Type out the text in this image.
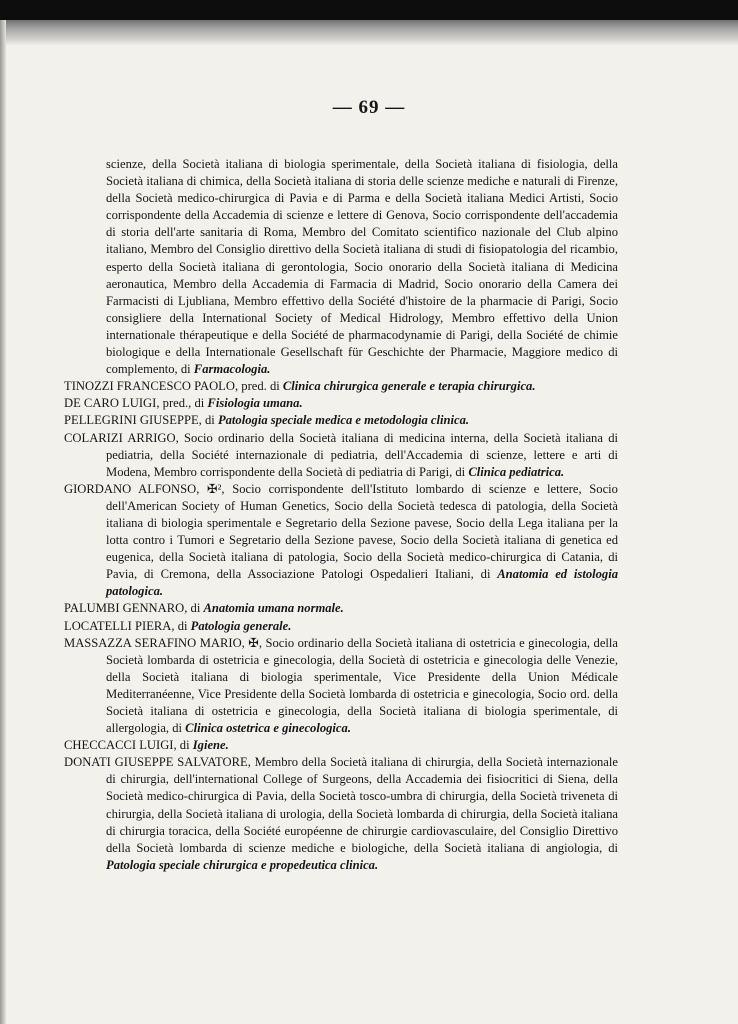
— 69 —

scienze, della Società italiana di biologia sperimentale, della Società italiana di fisiologia, della Società italiana di chimica, della Società italiana di storia delle scienze mediche e naturali di Firenze, della Società medico-chirurgica di Pavia e di Parma e della Società italiana Medici Artisti, Socio corrispondente della Accademia di scienze e lettere di Genova, Socio corrispondente dell'accademia di storia dell'arte sanitaria di Roma, Membro del Comitato scientifico nazionale del Club alpino italiano, Membro del Consiglio direttivo della Società italiana di studi di fisiopatologia del ricambio, esperto della Società italiana di gerontologia, Socio onorario della Società italiana di Medicina aeronautica, Membro della Accademia di Farmacia di Madrid, Socio onorario della Camera dei Farmacisti di Ljubliana, Membro effettivo della Société d'histoire de la pharmacie di Parigi, Socio consigliere della International Society of Medical Hidrology, Membro effettivo della Union internationale thérapeutique e della Société de pharmacodynamie di Parigi, della Société de chimie biologique e della Internationale Gesellschaft für Geschichte der Pharmacie, Maggiore medico di complemento, di Farmacologia.

TINOZZI FRANCESCO PAOLO, pred. di Clinica chirurgica generale e terapia chirurgica.

DE CARO LUIGI, pred., di Fisiologia umana.

PELLEGRINI GIUSEPPE, di Patologia speciale medica e metodologia clinica.

COLARIZI ARRIGO, Socio ordinario della Società italiana di medicina interna, della Società italiana di pediatria, della Société internazionale di pediatria, dell'Accademia di scienze, lettere e arti di Modena, Membro corrispondente della Società di pediatria di Parigi, di Clinica pediatrica.

GIORDANO ALFONSO, ✠², Socio corrispondente dell'Istituto lombardo di scienze e lettere, Socio dell'American Society of Human Genetics, Socio della Società tedesca di patologia, della Società italiana di biologia sperimentale e Segretario della Sezione pavese, Socio della Lega italiana per la lotta contro i Tumori e Segretario della Sezione pavese, Socio della Società italiana di genetica ed eugenica, della Società italiana di patologia, Socio della Società medico-chirurgica di Catania, di Pavia, di Cremona, della Associazione Patologi Ospedalieri Italiani, di Anatomia ed istologia patologica.

PALUMBI GENNARO, di Anatomia umana normale.

LOCATELLI PIERA, di Patologia generale.

MASSAZZA SERAFINO MARIO, ✠, Socio ordinario della Società italiana di ostetricia e ginecologia, della Società lombarda di ostetricia e ginecologia, della Società di ostetricia e ginecologia delle Venezie, della Società italiana di biologia sperimentale, Vice Presidente della Union Médicale Mediterranéenne, Vice Presidente della Società lombarda di ostetricia e ginecologia, Socio ord. della Società italiana di ostetricia e ginecologia, della Società italiana di biologia sperimentale, di allergologia, di Clinica ostetrica e ginecologica.

CHECCACCI LUIGI, di Igiene.

DONATI GIUSEPPE SALVATORE, Membro della Società italiana di chirurgia, della Società internazionale di chirurgia, dell'international College of Surgeons, della Accademia dei fisiocritici di Siena, della Società medico-chirurgica di Pavia, della Società tosco-umbra di chirurgia, della Società triveneta di chirurgia, della Società italiana di urologia, della Società lombarda di chirurgia, della Società italiana di chirurgia toracica, della Société européenne de chirurgie cardiovasculaire, del Consiglio Direttivo della Società lombarda di scienze mediche e biologiche, della Società italiana di angiologia, di Patologia speciale chirurgica e propedeutica clinica.
